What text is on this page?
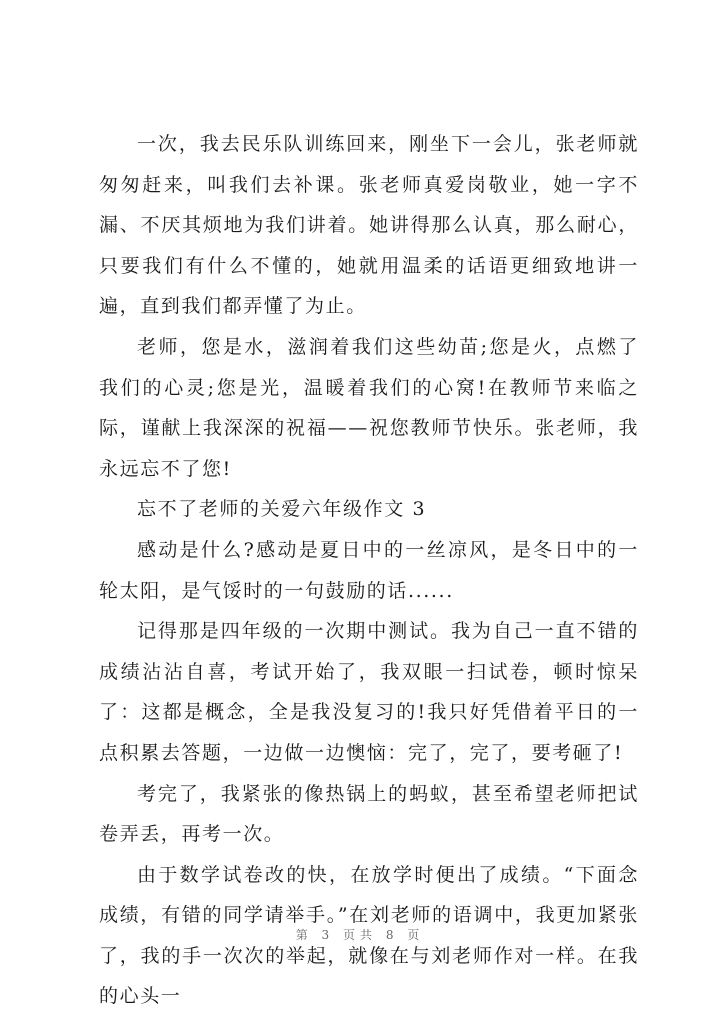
一次，我去民乐队训练回来，刚坐下一会儿，张老师就匆匆赶来，叫我们去补课。张老师真爱岗敬业，她一字不漏、不厌其烦地为我们讲着。她讲得那么认真，那么耐心，只要我们有什么不懂的，她就用温柔的话语更细致地讲一遍，直到我们都弄懂了为止。

老师，您是水，滋润着我们这些幼苗;您是火，点燃了我们的心灵;您是光，温暖着我们的心窝!在教师节来临之际，谨献上我深深的祝福——祝您教师节快乐。张老师，我永远忘不了您!

忘不了老师的关爱六年级作文 3

感动是什么?感动是夏日中的一丝凉风，是冬日中的一轮太阳，是气馁时的一句鼓励的话......

记得那是四年级的一次期中测试。我为自己一直不错的成绩沾沾自喜，考试开始了，我双眼一扫试卷，顿时惊呆了：这都是概念，全是我没复习的!我只好凭借着平日的一点积累去答题，一边做一边懊恼：完了，完了，要考砸了!

考完了，我紧张的像热锅上的蚂蚁，甚至希望老师把试卷弄丢，再考一次。

由于数学试卷改的快，在放学时便出了成绩。“下面念成绩，有错的同学请举手。”在刘老师的语调中，我更加紧张了，我的手一次次的举起，就像在与刘老师作对一样。在我的心头一

第 3 页共 8 页
